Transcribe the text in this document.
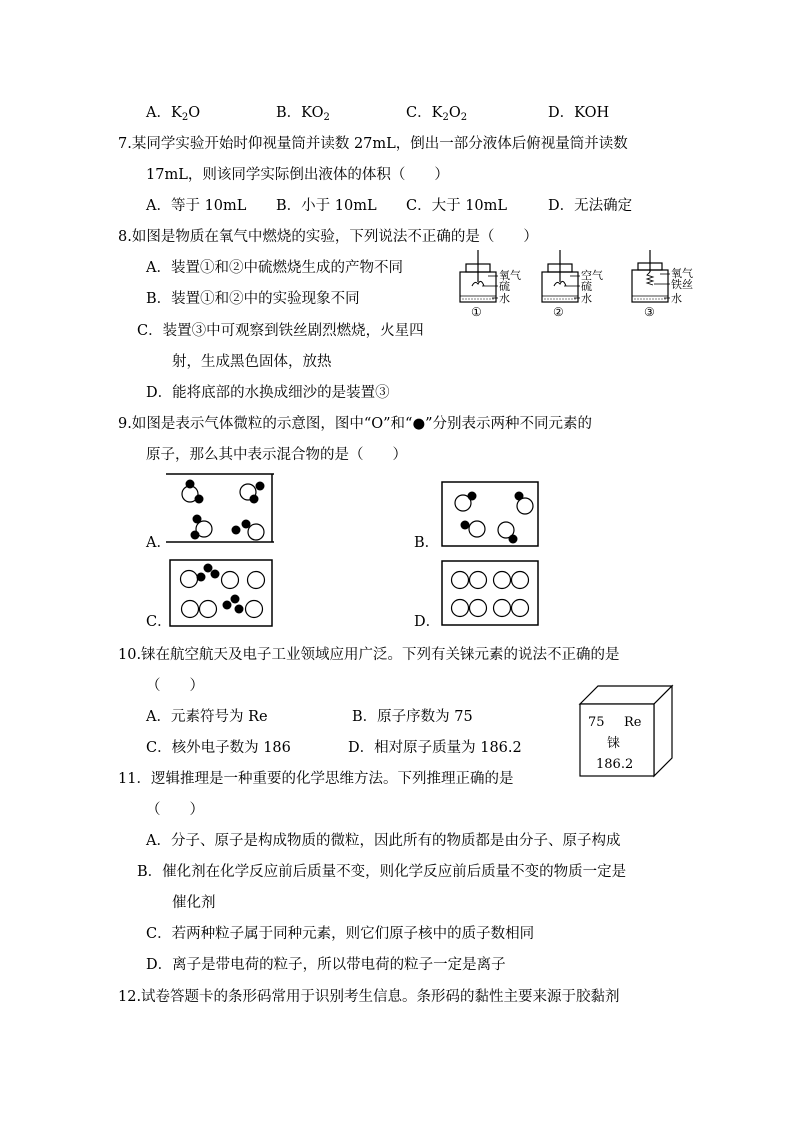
A．$K_2O$	B．$KO_2$	C．$K_2O_2$	D．KOH
7.某同学实验开始时仰视量筒并读数 27mL，倒出一部分液体后俯视量筒并读数
17mL，则该同学实际倒出液体的体积（　　）
A．等于 10mL B．小于 10mL C．大于 10mL	D．无法确定
8.如图是物质在氧气中燃烧的实验，下列说法不正确的是（　　）
A．装置①和②中硫燃烧生成的产物不同
B．装置①和②中的实验现象不同
C．装置③中可观察到铁丝剧烈燃烧，火星四
射，生成黑色固体，放热
D．能将底部的水换成细沙的是装置③
氧气
硫
水
①
空气
硫
水
②
氧气
铁丝
水
③
9.如图是表示气体微粒的示意图，图中“O”和“●”分别表示两种不同元素的
原子，那么其中表示混合物的是（　　）
A．	B．
C．	D．
10.铼在航空航天及电子工业领域应用广泛。下列有关铼元素的说法不正确的是
（　　）
A．元素符号为 Re	B．原子序数为 75
C．核外电子数为 186	D．相对原子质量为 186.2
75 Re
铼
186.2
11．逻辑推理是一种重要的化学思维方法。下列推理正确的是
（　　）
A．分子、原子是构成物质的微粒，因此所有的物质都是由分子、原子构成
B．催化剂在化学反应前后质量不变，则化学反应前后质量不变的物质一定是
催化剂
C．若两种粒子属于同种元素，则它们原子核中的质子数相同
D．离子是带电荷的粒子，所以带电荷的粒子一定是离子
12.试卷答题卡的条形码常用于识别考生信息。条形码的黏性主要来源于胶黏剂
